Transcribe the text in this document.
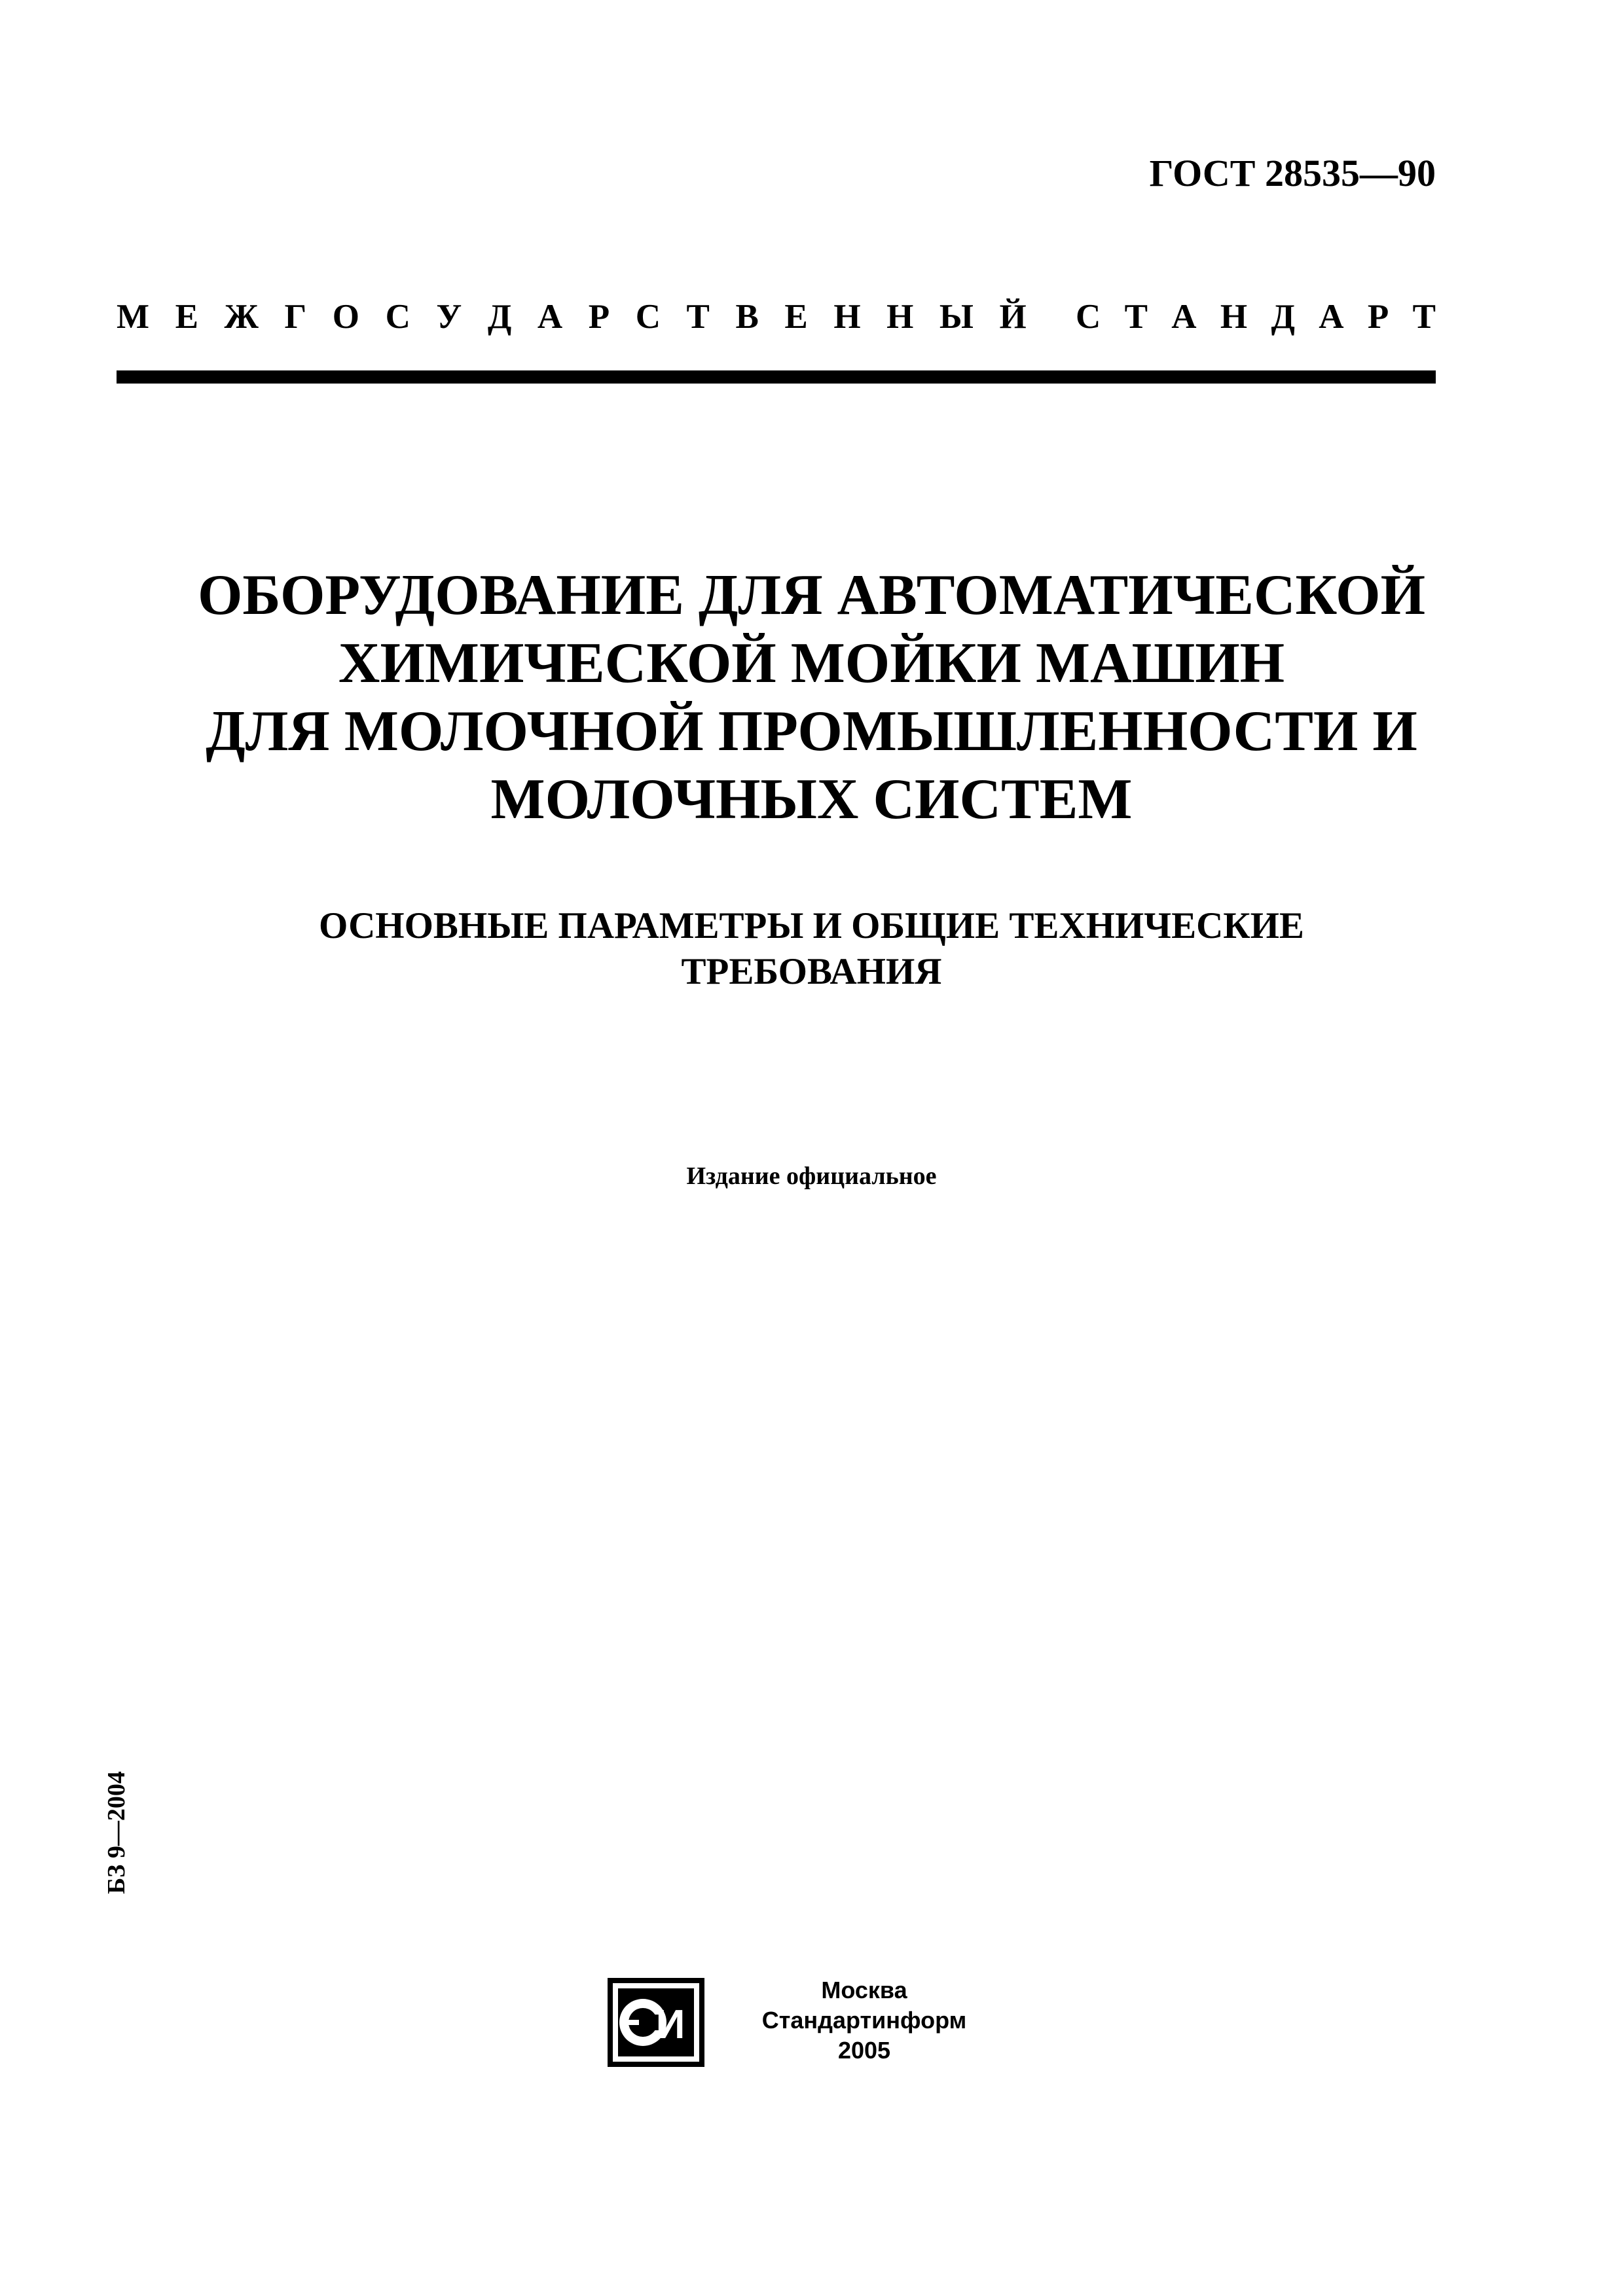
ГОСТ 28535—90
М Е Ж Г О С У Д А Р С Т В Е Н Н Ы Й С Т А Н Д А Р Т
ОБОРУДОВАНИЕ ДЛЯ АВТОМАТИЧЕСКОЙ
ХИМИЧЕСКОЙ МОЙКИ МАШИН
ДЛЯ МОЛОЧНОЙ ПРОМЫШЛЕННОСТИ И
МОЛОЧНЫХ СИСТЕМ
ОСНОВНЫЕ ПАРАМЕТРЫ И ОБЩИЕ ТЕХНИЧЕСКИЕ
ТРЕБОВАНИЯ
Издание официальное
БЗ 9—2004
И
Москва
Стандартинформ
2005
